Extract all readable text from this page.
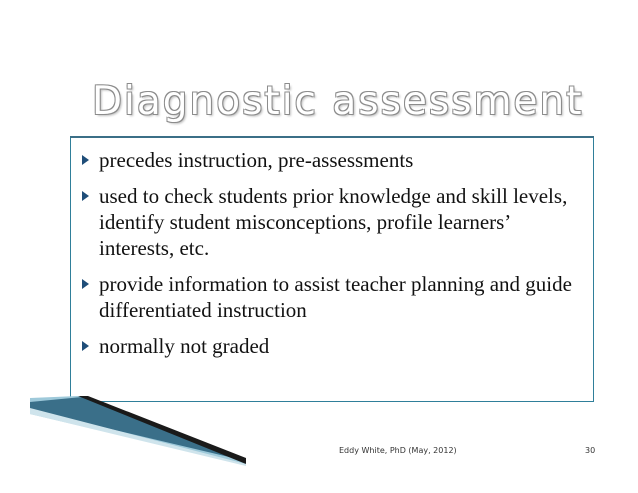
Diagnostic assessment
precedes instruction, pre-assessments
used to check students prior knowledge and skill levels, identify student misconceptions, profile learners’ interests, etc.
provide information to assist teacher planning and guide differentiated instruction
normally not graded
Eddy White, PhD (May, 2012)	30
